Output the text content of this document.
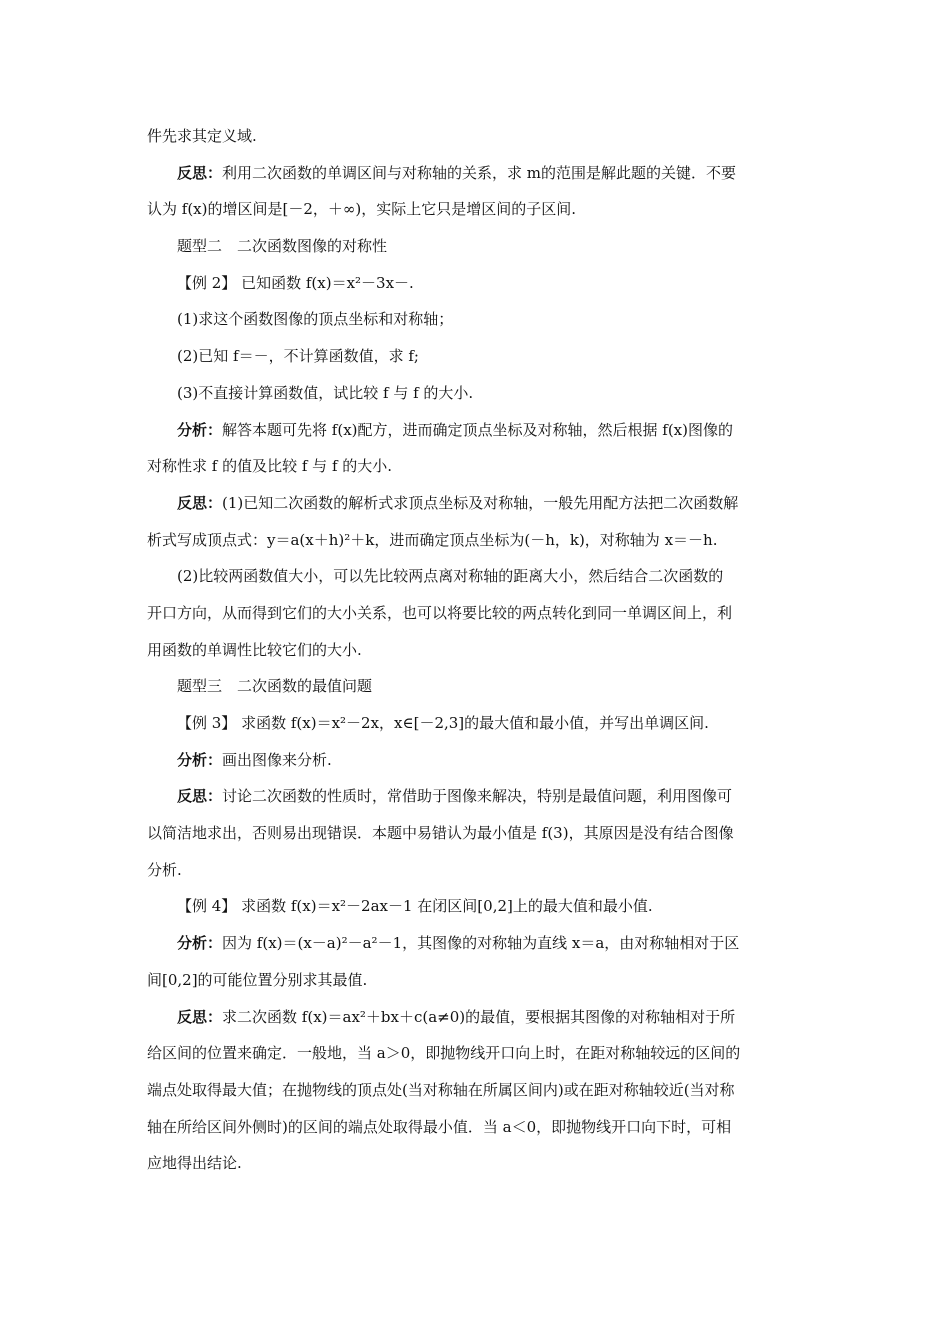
件先求其定义域.
反思：利用二次函数的单调区间与对称轴的关系，求 m的范围是解此题的关键．不要
认为 f(x)的增区间是[－2，＋∞)，实际上它只是增区间的子区间.
题型二　二次函数图像的对称性
【例 2】 已知函数 f(x)＝x²－3x－.
(1)求这个函数图像的顶点坐标和对称轴；
(2)已知 f＝－，不计算函数值，求 f;
(3)不直接计算函数值，试比较 f 与 f 的大小.
分析：解答本题可先将 f(x)配方，进而确定顶点坐标及对称轴，然后根据 f(x)图像的
对称性求 f 的值及比较 f 与 f 的大小.
反思：(1)已知二次函数的解析式求顶点坐标及对称轴，一般先用配方法把二次函数解
析式写成顶点式：y＝a(x＋h)²＋k，进而确定顶点坐标为(－h，k)，对称轴为 x＝－h.
(2)比较两函数值大小，可以先比较两点离对称轴的距离大小，然后结合二次函数的
开口方向，从而得到它们的大小关系，也可以将要比较的两点转化到同一单调区间上，利
用函数的单调性比较它们的大小.
题型三　二次函数的最值问题
【例 3】 求函数 f(x)＝x²－2x，x∈[－2,3]的最大值和最小值，并写出单调区间.
分析：画出图像来分析.
反思：讨论二次函数的性质时，常借助于图像来解决，特别是最值问题，利用图像可
以简洁地求出，否则易出现错误．本题中易错认为最小值是 f(3)，其原因是没有结合图像
分析.
【例 4】 求函数 f(x)＝x²－2ax－1 在闭区间[0,2]上的最大值和最小值.
分析：因为 f(x)＝(x－a)²－a²－1，其图像的对称轴为直线 x＝a，由对称轴相对于区
间[0,2]的可能位置分别求其最值.
反思：求二次函数 f(x)＝ax²＋bx＋c(a≠0)的最值，要根据其图像的对称轴相对于所
给区间的位置来确定．一般地，当 a＞0，即抛物线开口向上时，在距对称轴较远的区间的
端点处取得最大值；在抛物线的顶点处(当对称轴在所属区间内)或在距对称轴较近(当对称
轴在所给区间外侧时)的区间的端点处取得最小值．当 a＜0，即抛物线开口向下时，可相
应地得出结论.
